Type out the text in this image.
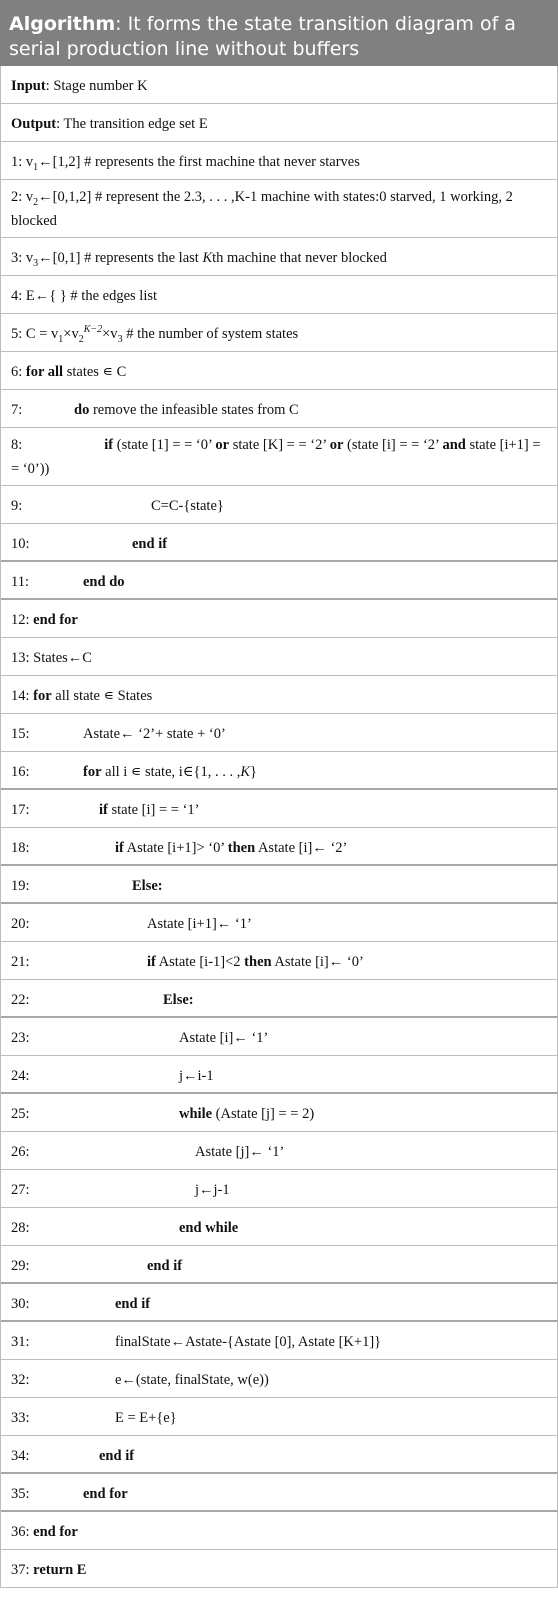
Algorithm: It forms the state transition diagram of a serial production line without buffers
Input: Stage number K
Output: The transition edge set E
1: $v_1\leftarrow[1,2]$ # represents the first machine that never starves
2: $v_2\leftarrow[0,1,2]$ # represent the 2.3, . . . ,K-1 machine with states:0 starved, 1 working, 2 blocked
3: $v_3\leftarrow[0,1]$ # represents the last Kth machine that never blocked
4: E←{ } # the edges list
5: $C = v_1\times v_2^{K-2}\times v_3$ # the number of system states
6: for all states ∊ C
7:	do remove the infeasible states from C
8:	if (state [1] = = ‘0’ or state [K] = = ‘2’ or (state [i] = = ‘2’ and state [i+1] = = ‘0’))
9:	C=C-{state}
10:	end if
11:	end do
12: end for
13: States←C
14: for all state ∊ States
15:	Astate← ‘2’+ state + ‘0’
16:	for all i ∊ state, i∈{1, . . . ,K}
17:	if state [i] = = ‘1’
18:	if Astate [i+1]> ‘0’ then Astate [i]← ‘2’
19:	Else:
20:	Astate [i+1]← ‘1’
21:	if Astate [i-1]<2 then Astate [i]← ‘0’
22:	Else:
23:	Astate [i]← ‘1’
24:	j←i-1
25:	while (Astate [j] = = 2)
26:	Astate [j]← ‘1’
27:	j←j-1
28:	end while
29:	end if
30:	end if
31:	finalState←Astate-{Astate [0], Astate [K+1]}
32:	e←(state, finalState, w(e))
33:	E = E+{e}
34:	end if
35:	end for
36: end for
37: return E
